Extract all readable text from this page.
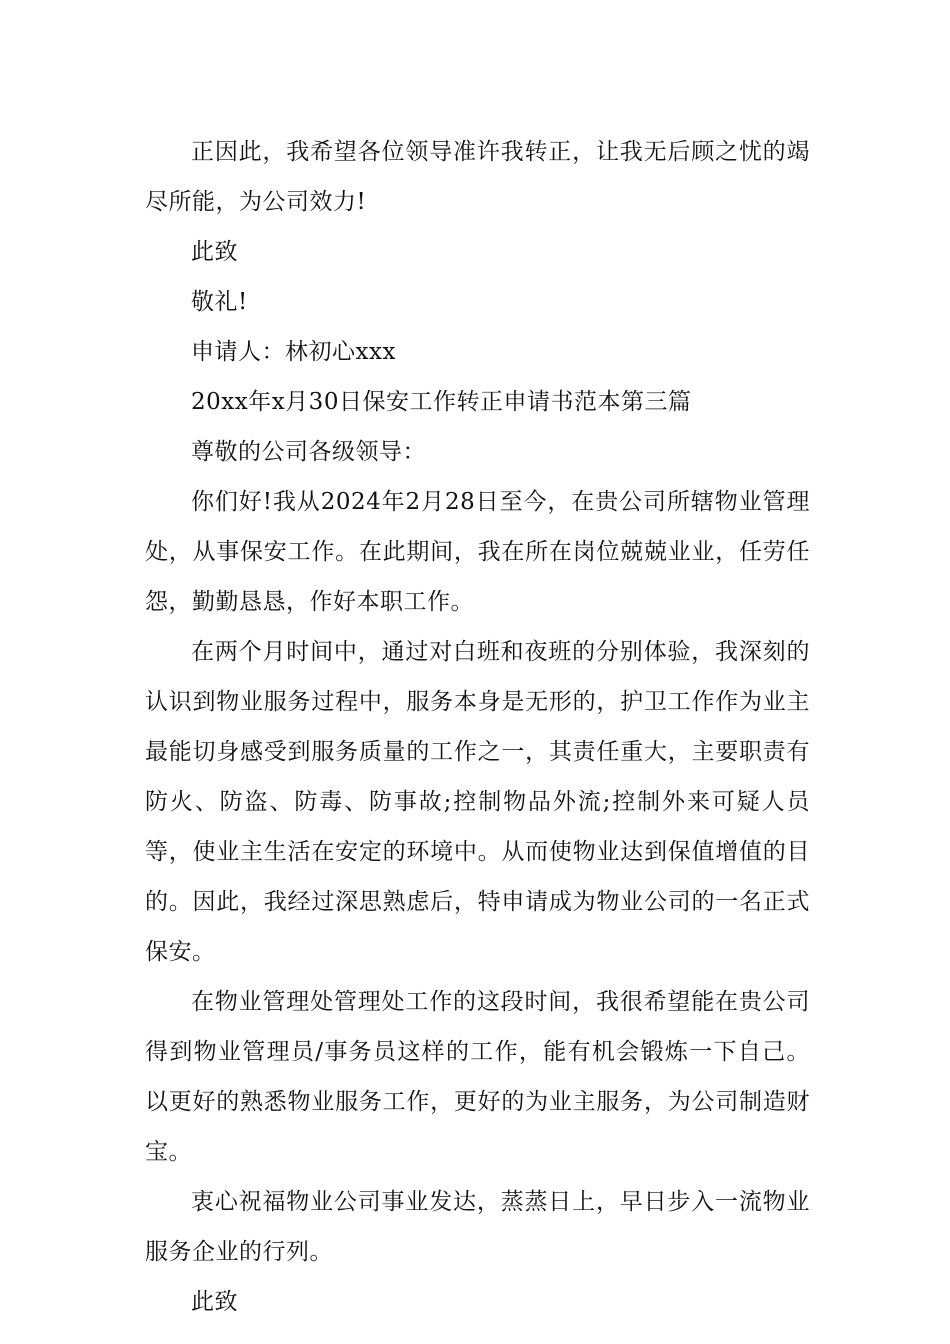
正因此，我希望各位领导准许我转正，让我无后顾之忧的竭尽所能，为公司效力!

此致

敬礼!

申请人：林初心xxx

20xx年x月30日保安工作转正申请书范本第三篇

尊敬的公司各级领导：

你们好!我从2024年2月28日至今，在贵公司所辖物业管理处，从事保安工作。在此期间，我在所在岗位兢兢业业，任劳任怨，勤勤恳恳，作好本职工作。

在两个月时间中，通过对白班和夜班的分别体验，我深刻的认识到物业服务过程中，服务本身是无形的，护卫工作作为业主最能切身感受到服务质量的工作之一，其责任重大，主要职责有防火、防盗、防毒、防事故;控制物品外流;控制外来可疑人员等，使业主生活在安定的环境中。从而使物业达到保值增值的目的。因此，我经过深思熟虑后，特申请成为物业公司的一名正式保安。

在物业管理处管理处工作的这段时间，我很希望能在贵公司得到物业管理员/事务员这样的工作，能有机会锻炼一下自己。以更好的熟悉物业服务工作，更好的为业主服务，为公司制造财宝。

衷心祝福物业公司事业发达，蒸蒸日上，早日步入一流物业服务企业的行列。

此致
